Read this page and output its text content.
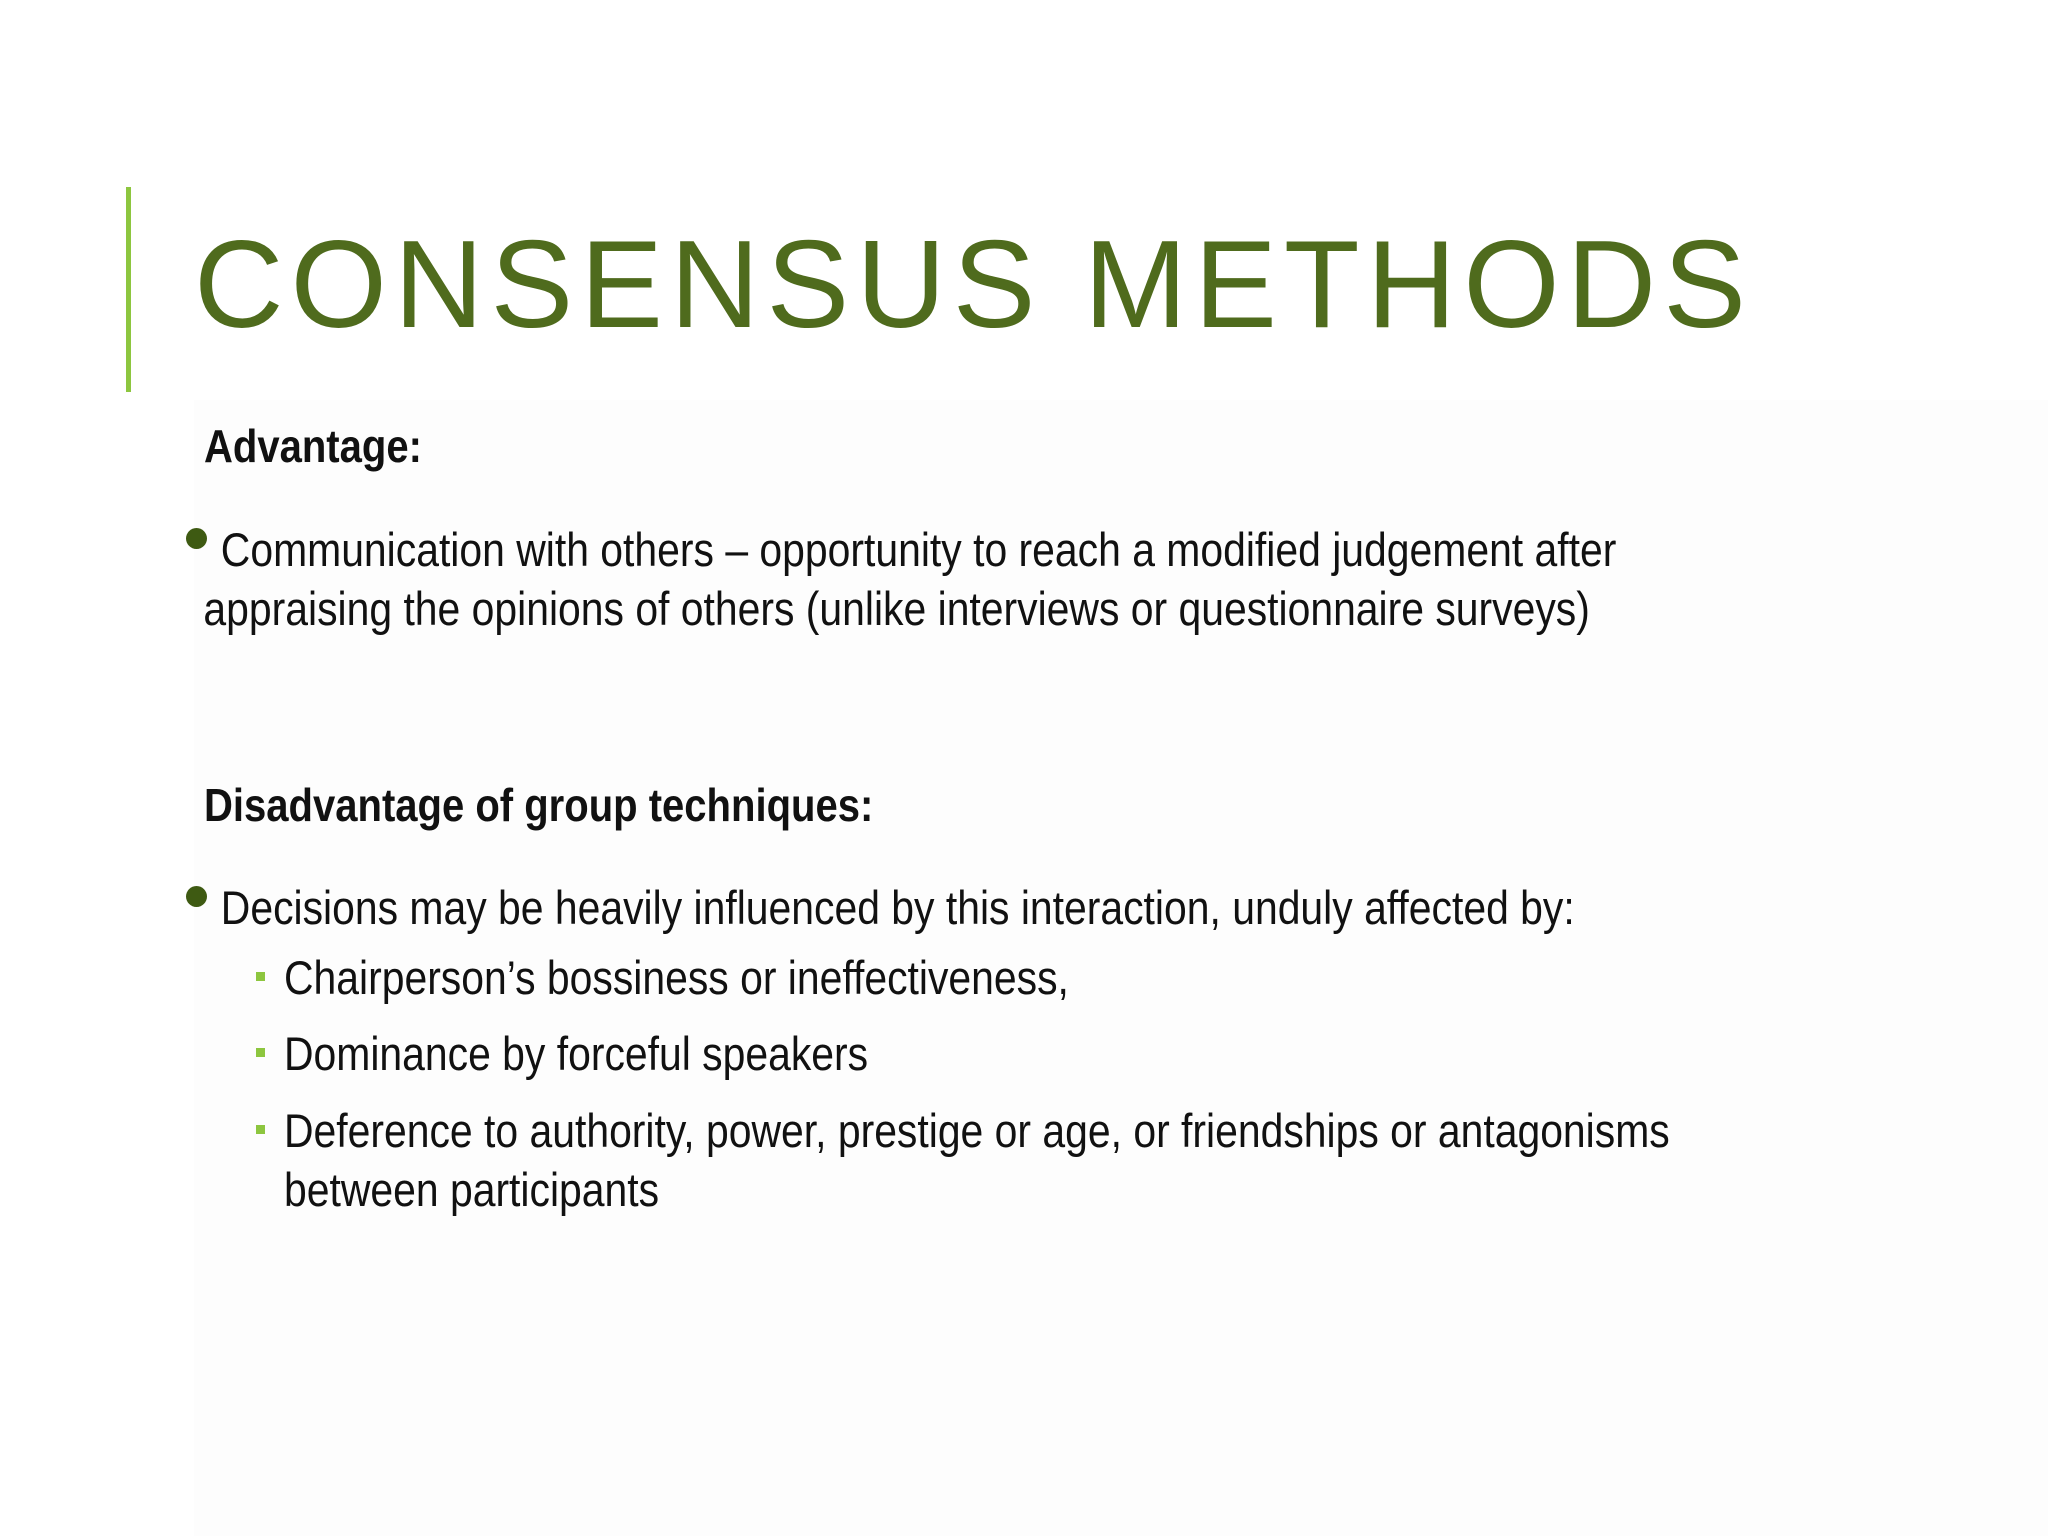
CONSENSUS METHODS
Advantage:
Communication with others – opportunity to reach a modified judgement after
appraising the opinions of others (unlike interviews or questionnaire surveys)
Disadvantage of group techniques:
Decisions may be heavily influenced by this interaction, unduly affected by:
Chairperson’s bossiness or ineffectiveness,
Dominance by forceful speakers
Deference to authority, power, prestige or age, or friendships or antagonisms
between participants
